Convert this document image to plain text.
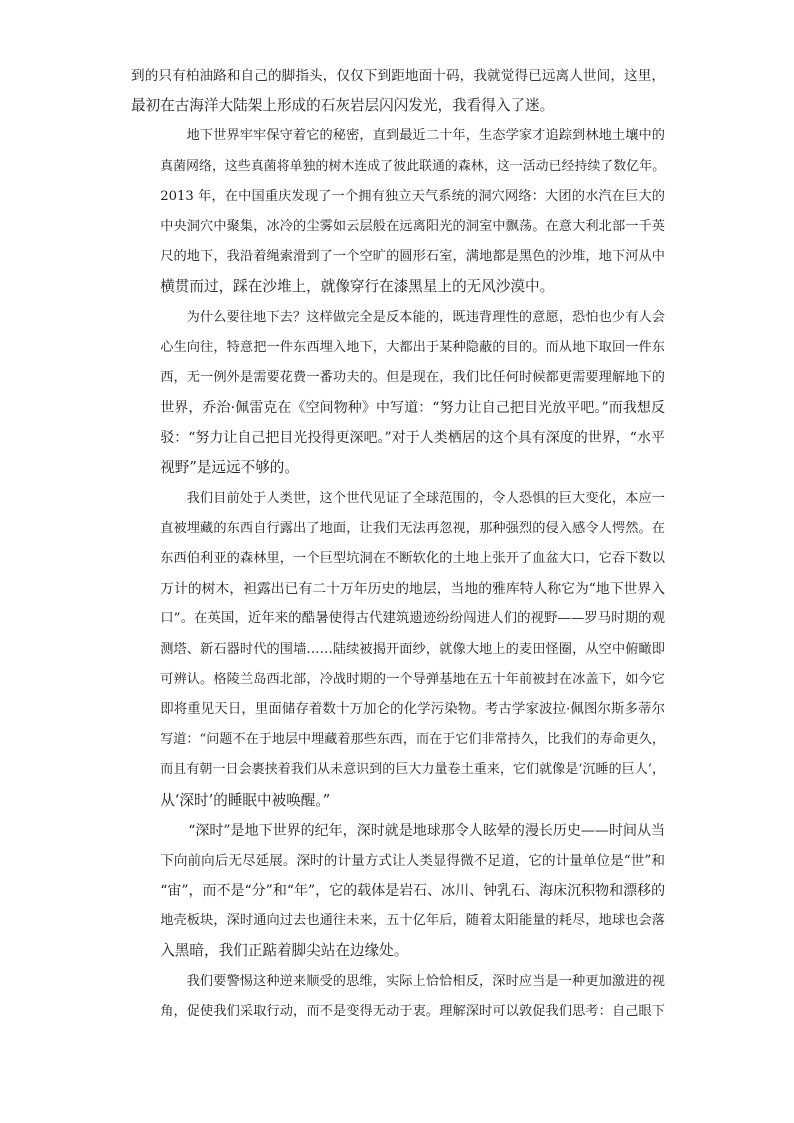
到的只有柏油路和自己的脚指头，仅仅下到距地面十码，我就觉得已远离人世间，这里，
最初在古海洋大陆架上形成的石灰岩层闪闪发光，我看得入了迷。
地下世界牢牢保守着它的秘密，直到最近二十年，生态学家才追踪到林地土壤中的
真菌网络，这些真菌将单独的树木连成了彼此联通的森林，这一活动已经持续了数亿年。
2013 年，在中国重庆发现了一个拥有独立天气系统的洞穴网络：大团的水汽在巨大的
中央洞穴中聚集，冰冷的尘雾如云层般在远离阳光的洞室中飘荡。在意大利北部一千英
尺的地下，我沿着绳索滑到了一个空旷的圆形石室，满地都是黑色的沙堆，地下河从中
横贯而过，踩在沙堆上，就像穿行在漆黑星上的无风沙漠中。
为什么要往地下去？这样做完全是反本能的，既违背理性的意愿，恐怕也少有人会
心生向往，特意把一件东西埋入地下，大都出于某种隐蔽的目的。而从地下取回一件东
西，无一例外是需要花费一番功夫的。但是现在，我们比任何时候都更需要理解地下的
世界，乔治·佩雷克在《空间物种》中写道：“努力让自己把目光放平吧。”而我想反
驳：“努力让自己把目光投得更深吧。”对于人类栖居的这个具有深度的世界，“水平
视野”是远远不够的。
我们目前处于人类世，这个世代见证了全球范围的，令人恐惧的巨大变化，本应一
直被埋藏的东西自行露出了地面，让我们无法再忽视，那种强烈的侵入感令人愕然。在
东西伯利亚的森林里，一个巨型坑洞在不断软化的土地上张开了血盆大口，它吞下数以
万计的树木，袒露出已有二十万年历史的地层，当地的雅库特人称它为“地下世界入
口”。在英国，近年来的酷暑使得古代建筑遗迹纷纷闯进人们的视野——罗马时期的观
测塔、新石器时代的围墙……陆续被揭开面纱，就像大地上的麦田怪圈，从空中俯瞰即
可辨认。格陵兰岛西北部，冷战时期的一个导弹基地在五十年前被封在冰盖下，如今它
即将重见天日，里面储存着数十万加仑的化学污染物。考古学家波拉·佩图尔斯多蒂尔
写道：“问题不在于地层中埋藏着那些东西，而在于它们非常持久，比我们的寿命更久，
而且有朝一日会裹挟着我们从未意识到的巨大力量卷土重来，它们就像是‘沉睡的巨人’，
从‘深时’的睡眠中被唤醒。”
“深时”是地下世界的纪年，深时就是地球那令人眩晕的漫长历史——时间从当
下向前向后无尽延展。深时的计量方式让人类显得微不足道，它的计量单位是“世”和
“宙”，而不是“分”和“年”，它的载体是岩石、冰川、钟乳石、海床沉积物和漂移的
地壳板块，深时通向过去也通往未来，五十亿年后，随着太阳能量的耗尽，地球也会落
入黑暗，我们正踮着脚尖站在边缘处。
我们要警惕这种逆来顺受的思维，实际上恰恰相反，深时应当是一种更加激进的视
角，促使我们采取行动，而不是变得无动于衷。理解深时可以敦促我们思考：自己眼下
